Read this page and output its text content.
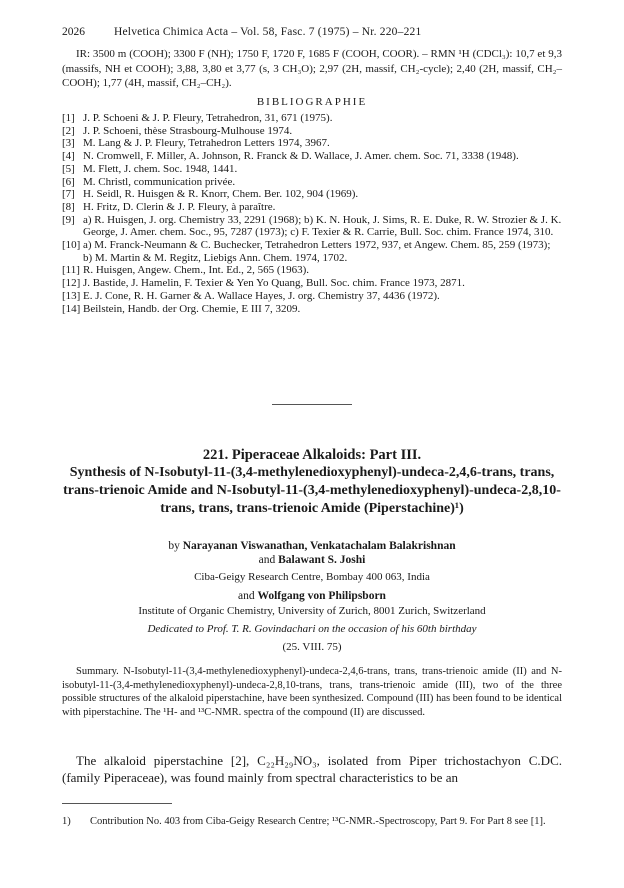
2026	Helvetica Chimica Acta – Vol. 58, Fasc. 7 (1975) – Nr. 220–221

IR: 3500 m (COOH); 3300 F (NH); 1750 F, 1720 F, 1685 F (COOH, COOR). – RMN ¹H (CDCl₃): 10,7 et 9,3 (massifs, NH et COOH); 3,88, 3,80 et 3,77 (s, 3 CH₃O); 2,97 (2H, massif, CH₂-cycle); 2,40 (2H, massif, CH₂–COOH); 1,77 (4H, massif, CH₂–CH₂).

BIBLIOGRAPHIE
[1] J. P. Schoeni & J. P. Fleury, Tetrahedron, 31, 671 (1975).
[2] J. P. Schoeni, thèse Strasbourg-Mulhouse 1974.
[3] M. Lang & J. P. Fleury, Tetrahedron Letters 1974, 3967.
[4] N. Cromwell, F. Miller, A. Johnson, R. Franck & D. Wallace, J. Amer. chem. Soc. 71, 3338 (1948).
[5] M. Flett, J. chem. Soc. 1948, 1441.
[6] M. Christl, communication privée.
[7] H. Seidl, R. Huisgen & R. Knorr, Chem. Ber. 102, 904 (1969).
[8] H. Fritz, D. Clerin & J. P. Fleury, à paraître.
[9] a) R. Huisgen, J. org. Chemistry 33, 2291 (1968); b) K. N. Houk, J. Sims, R. E. Duke, R. W. Strozier & J. K. George, J. Amer. chem. Soc., 95, 7287 (1973); c) F. Texier & R. Carrie, Bull. Soc. chim. France 1974, 310.
[10] a) M. Franck-Neumann & C. Buchecker, Tetrahedron Letters 1972, 937, et Angew. Chem. 85, 259 (1973); b) M. Martin & M. Regitz, Liebigs Ann. Chem. 1974, 1702.
[11] R. Huisgen, Angew. Chem., Int. Ed., 2, 565 (1963).
[12] J. Bastide, J. Hamelin, F. Texier & Yen Yo Quang, Bull. Soc. chim. France 1973, 2871.
[13] E. J. Cone, R. H. Garner & A. Wallace Hayes, J. org. Chemistry 37, 4436 (1972).
[14] Beilstein, Handb. der Org. Chemie, E III 7, 3209.
221. Piperaceae Alkaloids: Part III.
Synthesis of N-Isobutyl-11-(3,4-methylenedioxyphenyl)-undeca-2,4,6-trans, trans, trans-trienoic Amide and N-Isobutyl-11-(3,4-methylenedioxyphenyl)-undeca-2,8,10-trans, trans, trans-trienoic Amide (Piperstachine)¹)
by Narayanan Viswanathan, Venkatachalam Balakrishnan
and Balawant S. Joshi
Ciba-Geigy Research Centre, Bombay 400 063, India
and Wolfgang von Philipsborn
Institute of Organic Chemistry, University of Zurich, 8001 Zurich, Switzerland
Dedicated to Prof. T. R. Govindachari on the occasion of his 60th birthday
(25. VIII. 75)

Summary. N-Isobutyl-11-(3,4-methylenedioxyphenyl)-undeca-2,4,6-trans, trans, trans-trienoic amide (II) and N-isobutyl-11-(3,4-methylenedioxyphenyl)-undeca-2,8,10-trans, trans, trans-trienoic amide (III), two of the three possible structures of the alkaloid piperstachine, have been synthesized. Compound (III) has been found to be identical with piperstachine. The ¹H- and ¹³C-NMR. spectra of the compound (II) are discussed.

The alkaloid piperstachine [2], C₂₂H₂₉NO₃, isolated from Piper trichostachyon C.DC. (family Piperaceae), was found mainly from spectral characteristics to be an

1)	Contribution No. 403 from Ciba-Geigy Research Centre; ¹³C-NMR.-Spectroscopy, Part 9. For Part 8 see [1].
